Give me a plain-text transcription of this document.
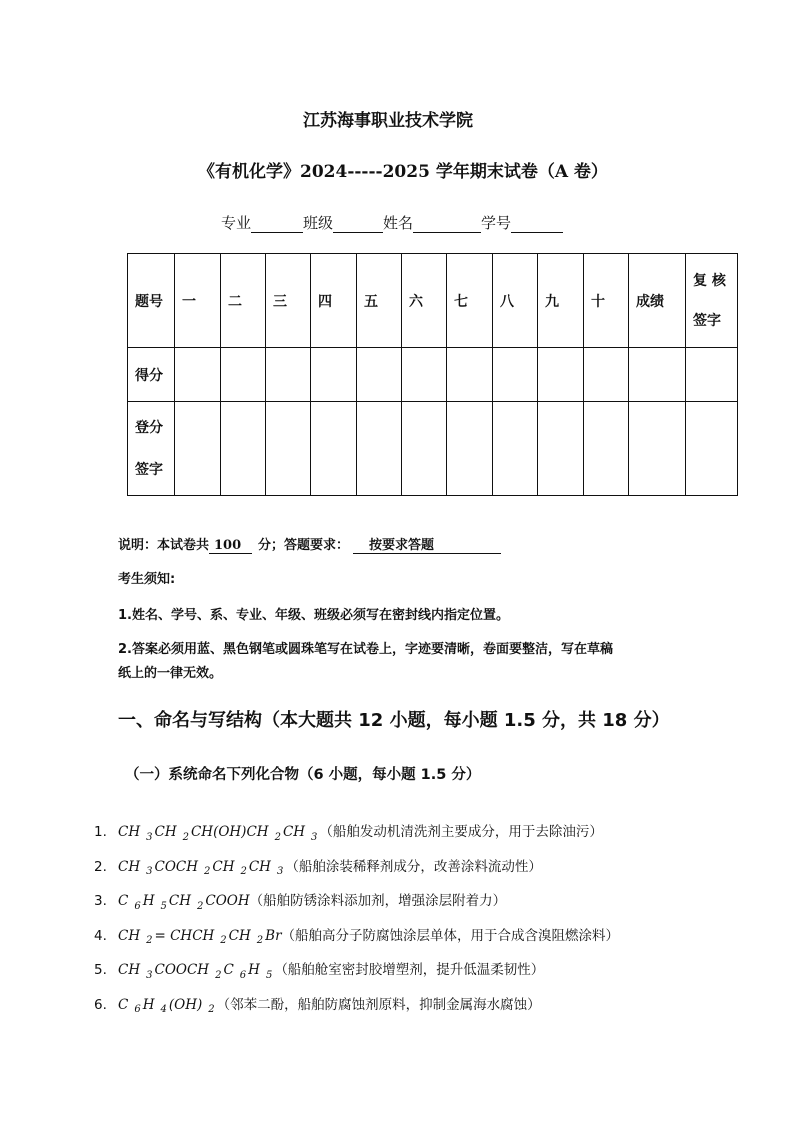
江苏海事职业技术学院
《有机化学》2024-----2025 学年期末试卷（A 卷）
专业	班级	姓名	学号
题号	一	二	三	四	五	六	七	八	九	十	成绩	复 核
签字

得分												

登分
签字												

说明：本试卷共 100 分；答题要求： 按要求答题
考生须知:
1.姓名、学号、系、专业、年级、班级必须写在密封线内指定位置。
2.答案必须用蓝、黑色钢笔或圆珠笔写在试卷上，字迹要清晰，卷面要整洁，写在草稿
纸上的一律无效。
一、命名与写结构（本大题共 12 小题，每小题 1.5 分，共 18 分）
（一）系统命名下列化合物（6 小题，每小题 1.5 分）
1. CH $_3$ CH $_2$ CH(OH)CH $_2$ CH $_3$ （船舶发动机清洗剂主要成分，用于去除油污）
2. CH $_3$ COCH $_2$ CH $_2$ CH $_3$ （船舶涂装稀释剂成分，改善涂料流动性）
3. C $_6$ H $_5$ CH $_2$ COOH（船舶防锈涂料添加剂，增强涂层附着力）
4. CH $_2$ = CHCH $_2$ CH $_2$ Br（船舶高分子防腐蚀涂层单体，用于合成含溴阻燃涂料）
5. CH $_3$ COOCH $_2$ C $_6$ H $_5$ （船舶舱室密封胶增塑剂，提升低温柔韧性）
6. C $_6$ H $_4$ (OH) $_2$ （邻苯二酚，船舶防腐蚀剂原料，抑制金属海水腐蚀）
